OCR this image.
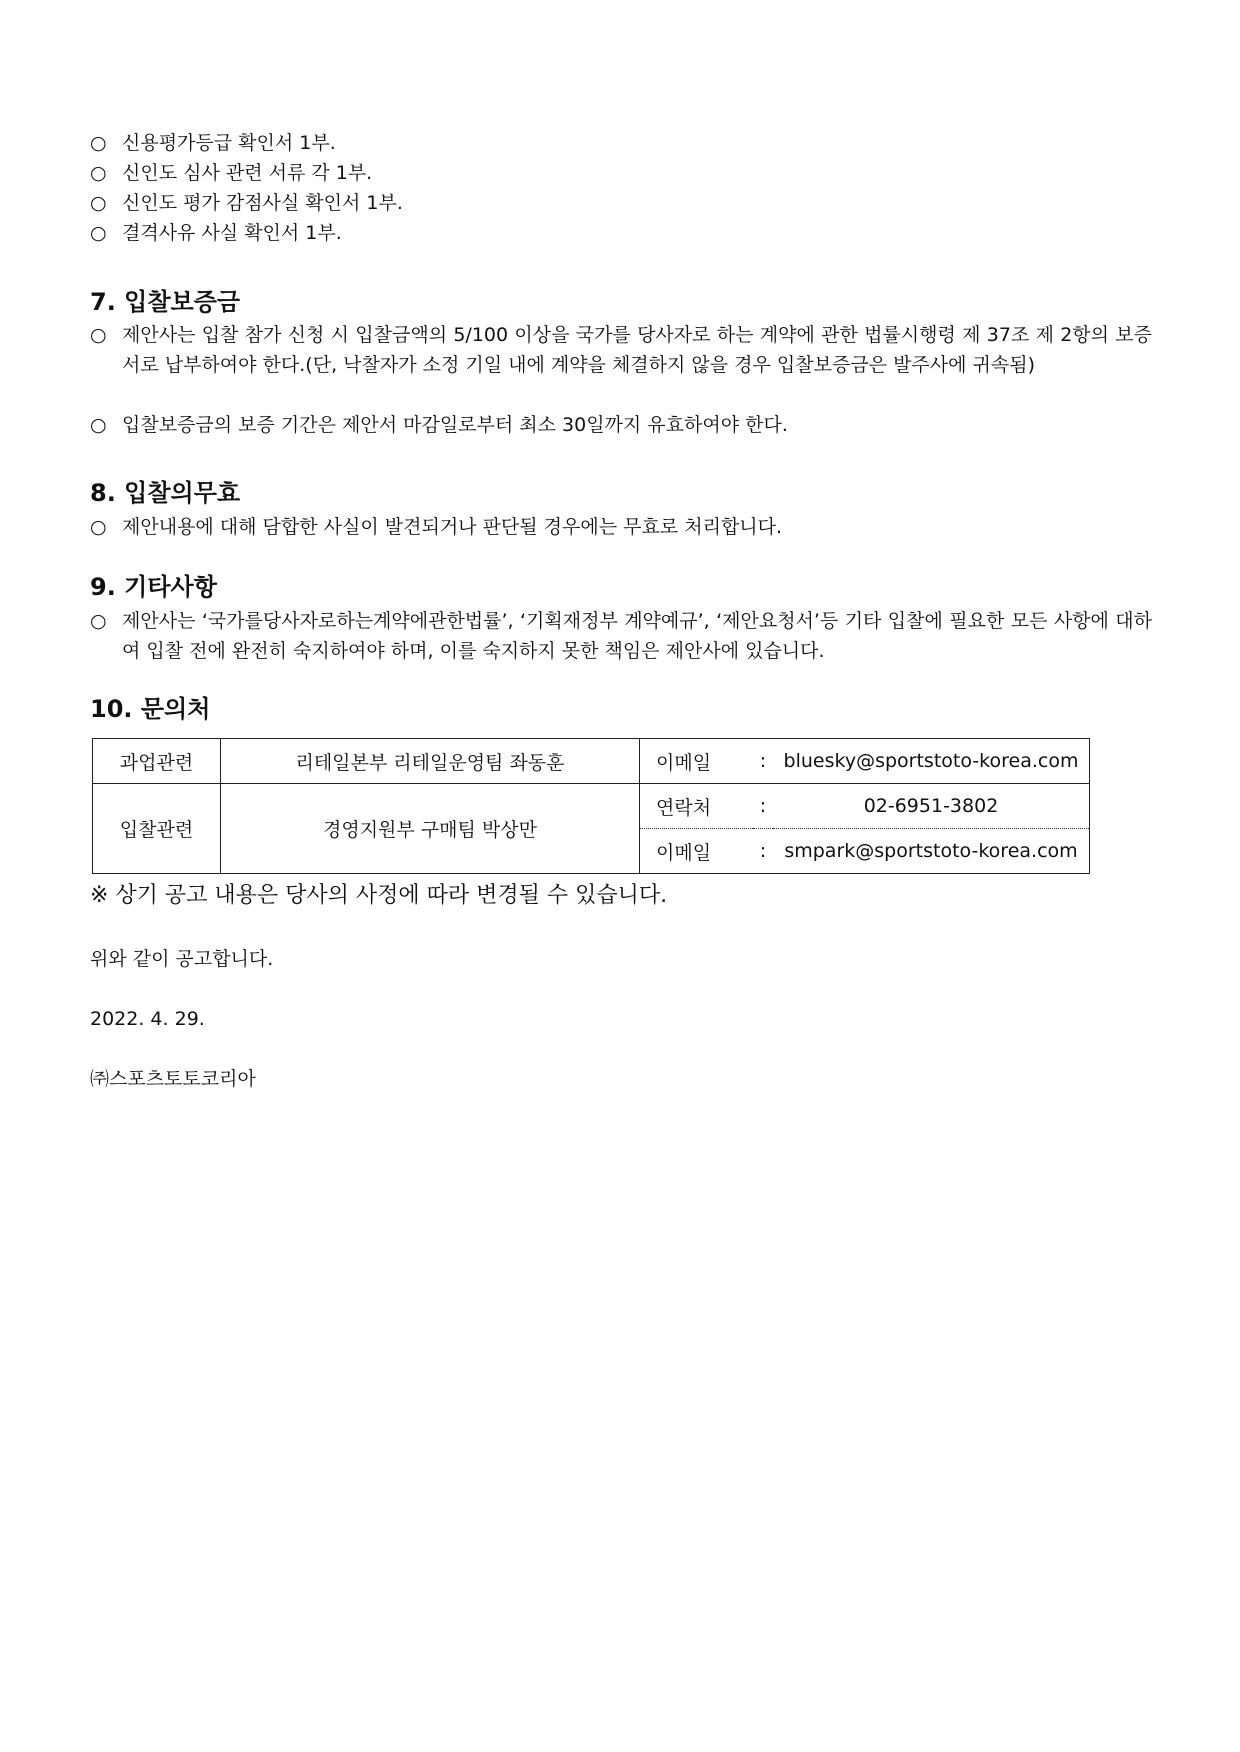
○ 신용평가등급 확인서 1부.
○ 신인도 심사 관련 서류 각 1부.
○ 신인도 평가 감점사실 확인서 1부.
○ 결격사유 사실 확인서 1부.
7. 입찰보증금
○ 제안사는 입찰 참가 신청 시 입찰금액의 5/100 이상을 국가를 당사자로 하는 계약에 관한 법률시행령 제 37조 제 2항의 보증서로 납부하여야 한다.(단, 낙찰자가 소정 기일 내에 계약을 체결하지 않을 경우 입찰보증금은 발주사에 귀속됨)
○ 입찰보증금의 보증 기간은 제안서 마감일로부터 최소 30일까지 유효하여야 한다.
8. 입찰의무효
○ 제안내용에 대해 담합한 사실이 발견되거나 판단될 경우에는 무효로 처리합니다.
9. 기타사항
○ 제안사는 ‘국가를당사자로하는계약에관한법률’, ‘기획재정부 계약예규’, ‘제안요청서’등 기타 입찰에 필요한 모든 사항에 대하여 입찰 전에 완전히 숙지하여야 하며, 이를 숙지하지 못한 책임은 제안사에 있습니다.
10. 문의처
과업관련	리테일본부 리테일운영팀 좌동훈	이메일	:	bluesky@sportstoto-korea.com
입찰관련	경영지원부 구매팀 박상만	연락처	:	02-6951-3802
		이메일	:	smpark@sportstoto-korea.com
※ 상기 공고 내용은 당사의 사정에 따라 변경될 수 있습니다.
위와 같이 공고합니다.
2022. 4. 29.
㈜스포츠토토코리아
